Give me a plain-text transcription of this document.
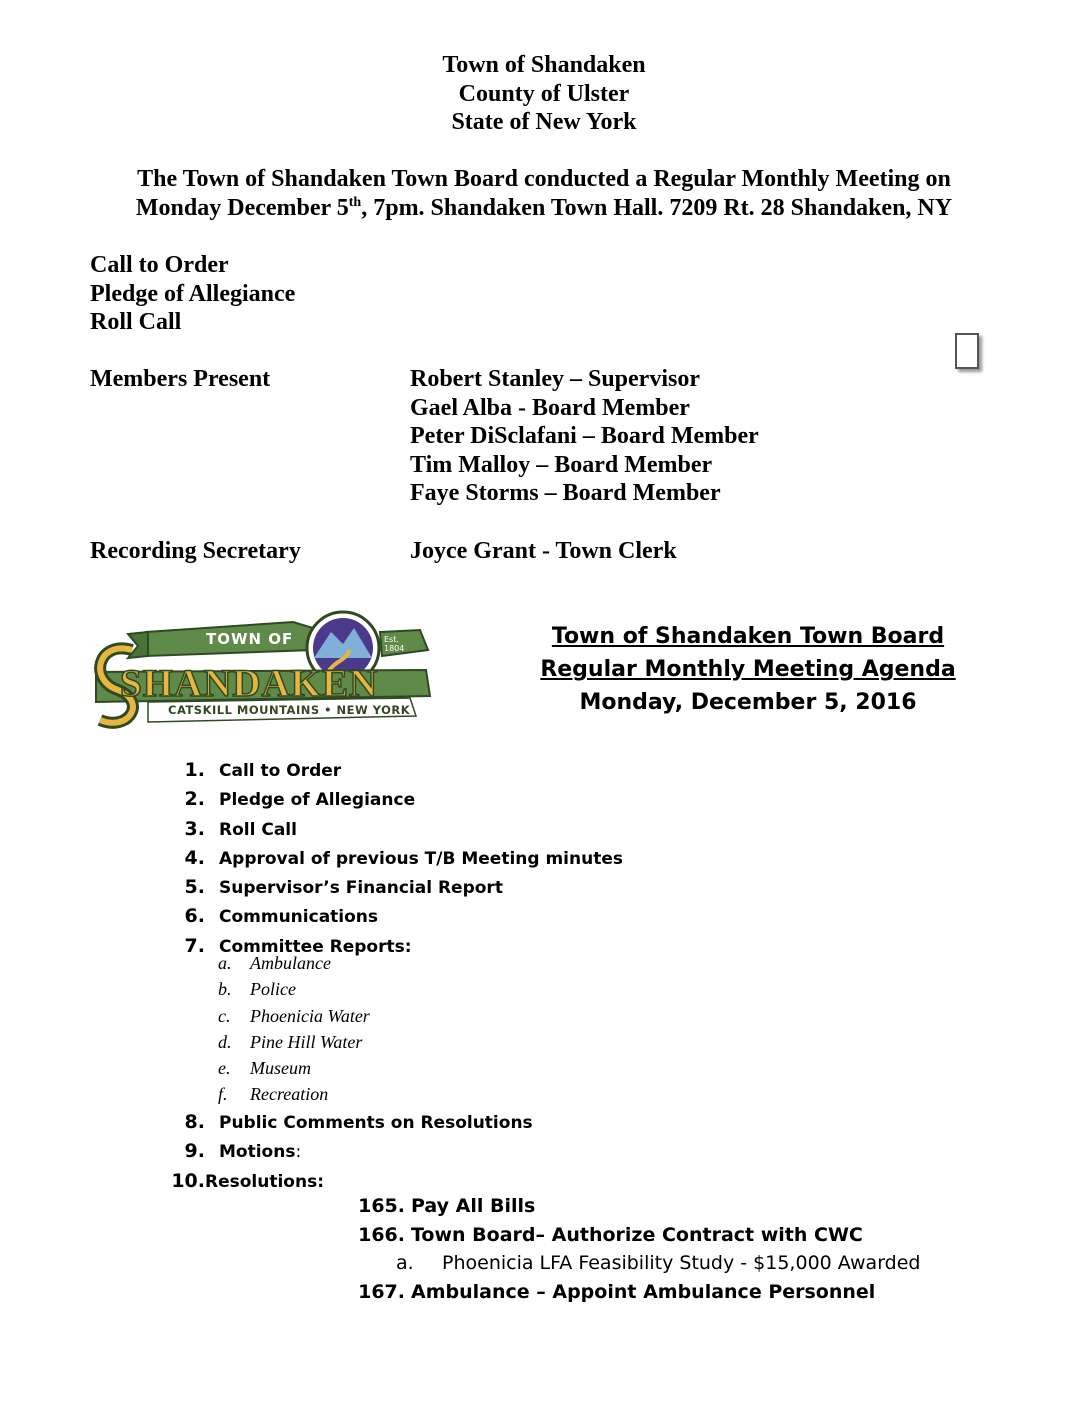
Town of Shandaken
County of Ulster
State of New York
The Town of Shandaken Town Board conducted a Regular Monthly Meeting on
Monday December 5th, 7pm. Shandaken Town Hall. 7209 Rt. 28 Shandaken, NY
Call to Order
Pledge of Allegiance
Roll Call
Members Present	Robert Stanley – Supervisor
Gael Alba - Board Member
Peter DiSclafani – Board Member
Tim Malloy – Board Member
Faye Storms – Board Member
Recording Secretary	Joyce Grant - Town Clerk
TOWN OF	Est.
1804
SHANDAKEN
CATSKILL MOUNTAINS • NEW YORK
Town of Shandaken Town Board
Regular Monthly Meeting Agenda
Monday, December 5, 2016
1. Call to Order
2. Pledge of Allegiance
3. Roll Call
4. Approval of previous T/B Meeting minutes
5. Supervisor’s Financial Report
6. Communications
7. Committee Reports:
a. Ambulance
b. Police
c. Phoenicia Water
d. Pine Hill Water
e. Museum
f. Recreation
8. Public Comments on Resolutions
9. Motions:
10.Resolutions:
165. Pay All Bills
166. Town Board– Authorize Contract with CWC
a. Phoenicia LFA Feasibility Study - $15,000 Awarded
167. Ambulance – Appoint Ambulance Personnel
